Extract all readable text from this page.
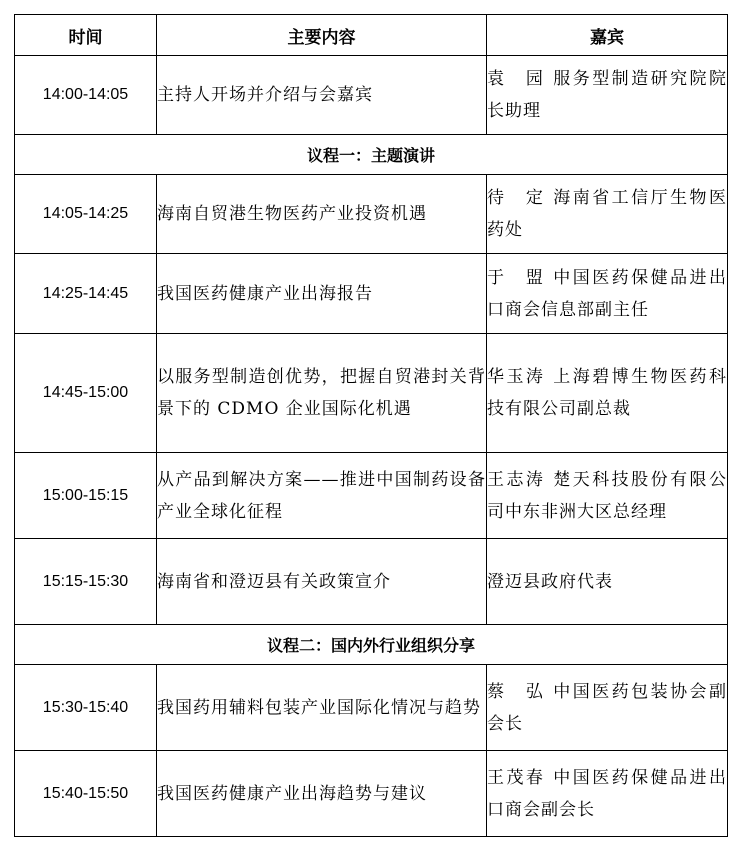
时间	主要内容	嘉宾
14:00-14:05	主持人开场并介绍与会嘉宾	袁　园 服务型制造研究院院长助理
议程一：主题演讲		
14:05-14:25	海南自贸港生物医药产业投资机遇	待　定 海南省工信厅生物医药处
14:25-14:45	我国医药健康产业出海报告	于　盟 中国医药保健品进出口商会信息部副主任
14:45-15:00	以服务型制造创优势，把握自贸港封关背景下的 CDMO 企业国际化机遇	华玉涛 上海碧博生物医药科技有限公司副总裁
15:00-15:15	从产品到解决方案——推进中国制药设备产业全球化征程	王志涛 楚天科技股份有限公司中东非洲大区总经理
15:15-15:30	海南省和澄迈县有关政策宣介	澄迈县政府代表
议程二：国内外行业组织分享		
15:30-15:40	我国药用辅料包装产业国际化情况与趋势	蔡　弘 中国医药包装协会副会长
15:40-15:50	我国医药健康产业出海趋势与建议	王茂春 中国医药保健品进出口商会副会长
